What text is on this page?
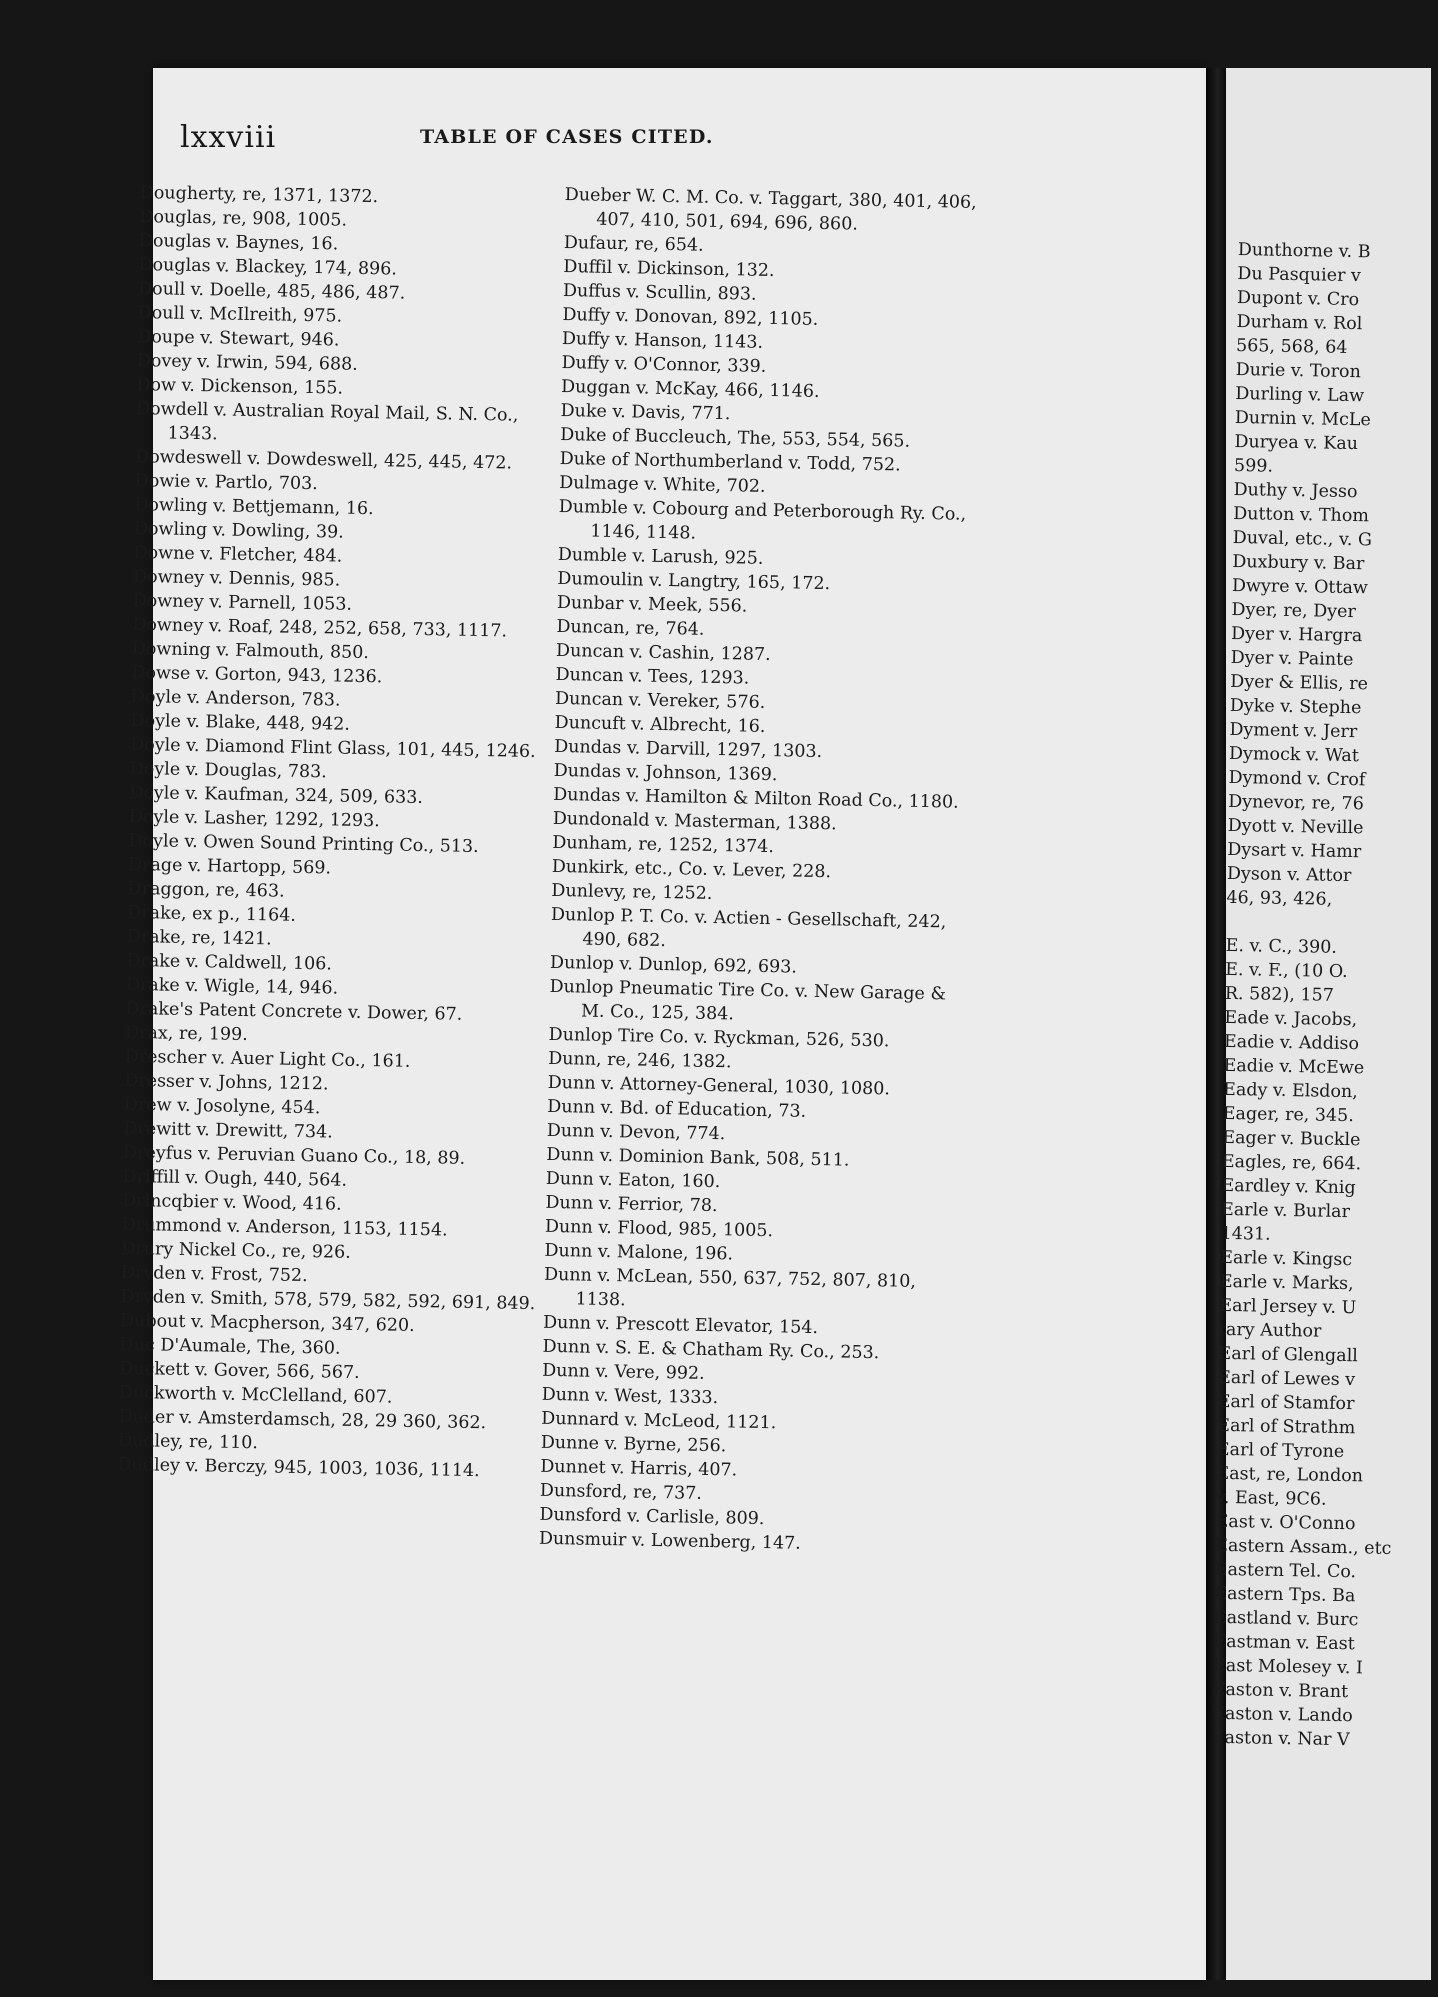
Dunthorne v. B
Du Pasquier v
Dupont v. Cro
Durham v. Rol
565, 568, 64
Durie v. Toron
Durling v. Law
Durnin v. McLe
Duryea v. Kau
599.
Duthy v. Jesso
Dutton v. Thom
Duval, etc., v. G
Duxbury v. Bar
Dwyre v. Ottaw
Dyer, re, Dyer
Dyer v. Hargra
Dyer v. Painte
Dyer & Ellis, re
Dyke v. Stephe
Dyment v. Jerr
Dymock v. Wat
Dymond v. Crof
Dynevor, re, 76
Dyott v. Neville
Dysart v. Hamr
Dyson v. Attor
46, 93, 426,
E. v. C., 390.
E. v. F., (10 O.
R. 582), 157
Eade v. Jacobs,
Eadie v. Addiso
Eadie v. McEwe
Eady v. Elsdon,
Eager, re, 345.
Eager v. Buckle
Eagles, re, 664.
Eardley v. Knig
Earle v. Burlar
1431.
Earle v. Kingsc
Earle v. Marks,
Earl Jersey v. U
tary Author
Earl of Glengall
Earl of Lewes v
Earl of Stamfor
Earl of Strathm
Earl of Tyrone
East, re, London
v. East, 9C6.
East v. O'Conno
Eastern Assam., etc
Eastern Tel. Co.
Eastern Tps. Ba
Eastland v. Burc
Eastman v. East
East Molesey v. I
Easton v. Brant
Easton v. Lando
Easton v. Nar V
lxxviii	TABLE OF CASES CITED.
Dougherty, re, 1371, 1372.
Douglas, re, 908, 1005.
Douglas v. Baynes, 16.
Douglas v. Blackey, 174, 896.
Doull v. Doelle, 485, 486, 487.
Doull v. McIlreith, 975.
Doupe v. Stewart, 946.
Dovey v. Irwin, 594, 688.
Dow v. Dickenson, 155.
Dowdell v. Australian Royal Mail, S. N. Co., 1343.
Dowdeswell v. Dowdeswell, 425, 445, 472.
Dowie v. Partlo, 703.
Dowling v. Bettjemann, 16.
Dowling v. Dowling, 39.
Downe v. Fletcher, 484.
Downey v. Dennis, 985.
Downey v. Parnell, 1053.
Downey v. Roaf, 248, 252, 658, 733, 1117.
Downing v. Falmouth, 850.
Dowse v. Gorton, 943, 1236.
Doyle v. Anderson, 783.
Doyle v. Blake, 448, 942.
Doyle v. Diamond Flint Glass, 101, 445, 1246.
Doyle v. Douglas, 783.
Doyle v. Kaufman, 324, 509, 633.
Doyle v. Lasher, 1292, 1293.
Doyle v. Owen Sound Printing Co., 513.
Drage v. Hartopp, 569.
Draggon, re, 463.
Drake, ex p., 1164.
Drake, re, 1421.
Drake v. Caldwell, 106.
Drake v. Wigle, 14, 946.
Drake's Patent Concrete v. Dower, 67.
Drax, re, 199.
Drescher v. Auer Light Co., 161.
Dresser v. Johns, 1212.
Drew v. Josolyne, 454.
Drewitt v. Drewitt, 734.
Dreyfus v. Peruvian Guano Co., 18, 89.
Driffill v. Ough, 440, 564.
Drincqbier v. Wood, 416.
Drummond v. Anderson, 1153, 1154.
Drury Nickel Co., re, 926.
Dryden v. Frost, 752.
Dryden v. Smith, 578, 579, 582, 592, 691, 849.
Dubout v. Macpherson, 347, 620.
Duc D'Aumale, The, 360.
Duckett v. Gover, 566, 567.
Duckworth v. McClelland, 607.
Duder v. Amsterdamsch, 28, 29 360, 362.
Dudley, re, 110.
Dudley v. Berczy, 945, 1003, 1036, 1114.
Dueber W. C. M. Co. v. Taggart, 380, 401, 406, 407, 410, 501, 694, 696, 860.
Dufaur, re, 654.
Duffil v. Dickinson, 132.
Duffus v. Scullin, 893.
Duffy v. Donovan, 892, 1105.
Duffy v. Hanson, 1143.
Duffy v. O'Connor, 339.
Duggan v. McKay, 466, 1146.
Duke v. Davis, 771.
Duke of Buccleuch, The, 553, 554, 565.
Duke of Northumberland v. Todd, 752.
Dulmage v. White, 702.
Dumble v. Cobourg and Peterborough Ry. Co., 1146, 1148.
Dumble v. Larush, 925.
Dumoulin v. Langtry, 165, 172.
Dunbar v. Meek, 556.
Duncan, re, 764.
Duncan v. Cashin, 1287.
Duncan v. Tees, 1293.
Duncan v. Vereker, 576.
Duncuft v. Albrecht, 16.
Dundas v. Darvill, 1297, 1303.
Dundas v. Johnson, 1369.
Dundas v. Hamilton & Milton Road Co., 1180.
Dundonald v. Masterman, 1388.
Dunham, re, 1252, 1374.
Dunkirk, etc., Co. v. Lever, 228.
Dunlevy, re, 1252.
Dunlop P. T. Co. v. Actien - Gesellschaft, 242, 490, 682.
Dunlop v. Dunlop, 692, 693.
Dunlop Pneumatic Tire Co. v. New Garage & M. Co., 125, 384.
Dunlop Tire Co. v. Ryckman, 526, 530.
Dunn, re, 246, 1382.
Dunn v. Attorney-General, 1030, 1080.
Dunn v. Bd. of Education, 73.
Dunn v. Devon, 774.
Dunn v. Dominion Bank, 508, 511.
Dunn v. Eaton, 160.
Dunn v. Ferrior, 78.
Dunn v. Flood, 985, 1005.
Dunn v. Malone, 196.
Dunn v. McLean, 550, 637, 752, 807, 810, 1138.
Dunn v. Prescott Elevator, 154.
Dunn v. S. E. & Chatham Ry. Co., 253.
Dunn v. Vere, 992.
Dunn v. West, 1333.
Dunnard v. McLeod, 1121.
Dunne v. Byrne, 256.
Dunnet v. Harris, 407.
Dunsford, re, 737.
Dunsford v. Carlisle, 809.
Dunsmuir v. Lowenberg, 147.
